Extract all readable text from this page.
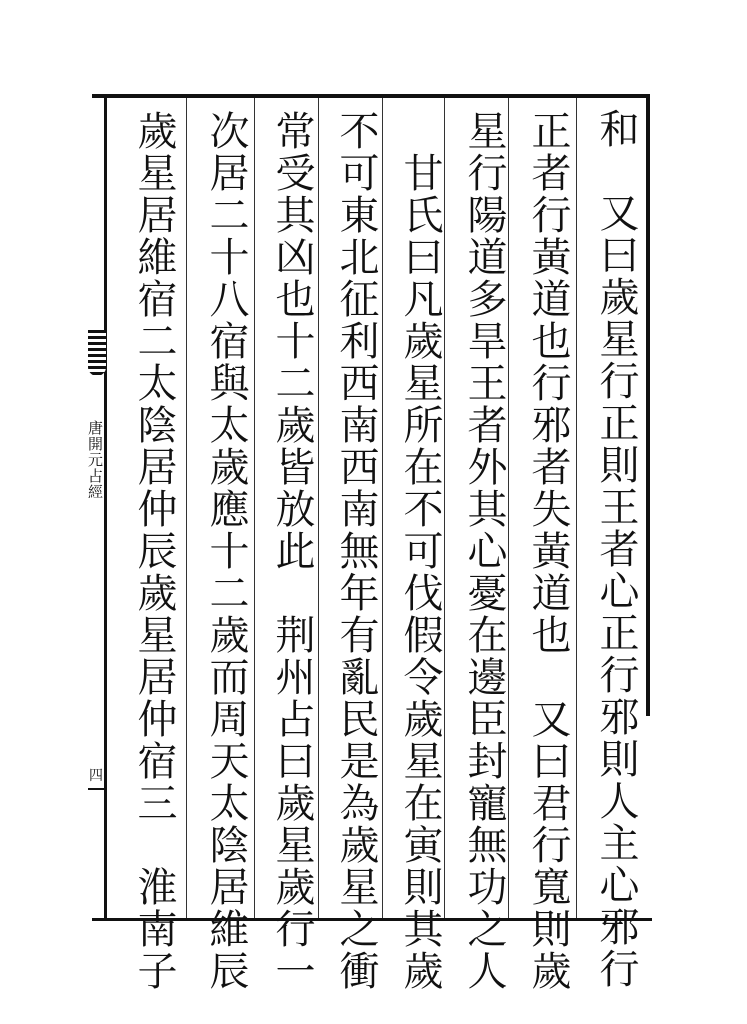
唐開元占經
四	和　又曰歲星行正則王者心正行邪則人主心邪行
正者行黃道也行邪者失黃道也　又曰君行寬則歲
星行陽道多旱王者外其心憂在邊臣封寵無功之人
　甘氏曰凡歲星所在不可伐假令歲星在寅則其歲
不可東北征利西南西南無年有亂民是為歲星之衝
常受其凶也十二歲皆放此　荆州占曰歲星歲行一
次居二十八宿與太歲應十二歲而周天太陰居維辰
歲星居維宿二太陰居仲辰歲星居仲宿三　淮南子
